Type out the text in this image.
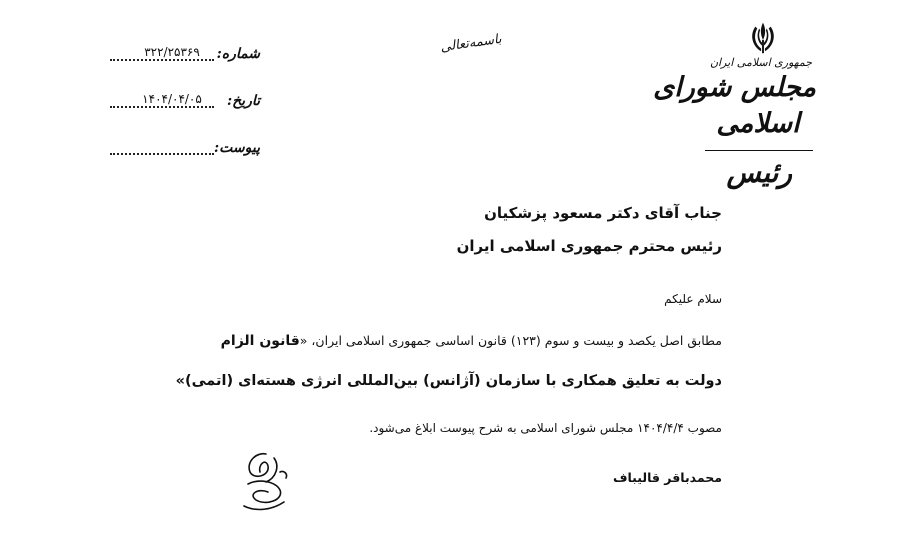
جمهوری اسلامی ایران
مجلس شورای
اسلامی
رئیس
باسمه‌تعالی
شماره:
۳۲۲/۲۵۳۶۹
تاریخ:
۱۴۰۴/۰۴/۰۵
پیوست:
جناب آقای دکتر مسعود پزشکیان
رئیس محترم جمهوری اسلامی ایران
سلام علیکم
مطابق اصل یکصد و بیست و سوم (۱۲۳) قانون اساسی جمهوری اسلامی ایران، «قانون الزام
دولت به تعلیق همکاری با سازمان (آژانس) بین‌المللی انرژی هسته‌ای (اتمی)»
مصوب ۱۴۰۴/۴/۴ مجلس شورای اسلامی به شرح پیوست ابلاغ می‌شود.
محمدباقر قالیباف
